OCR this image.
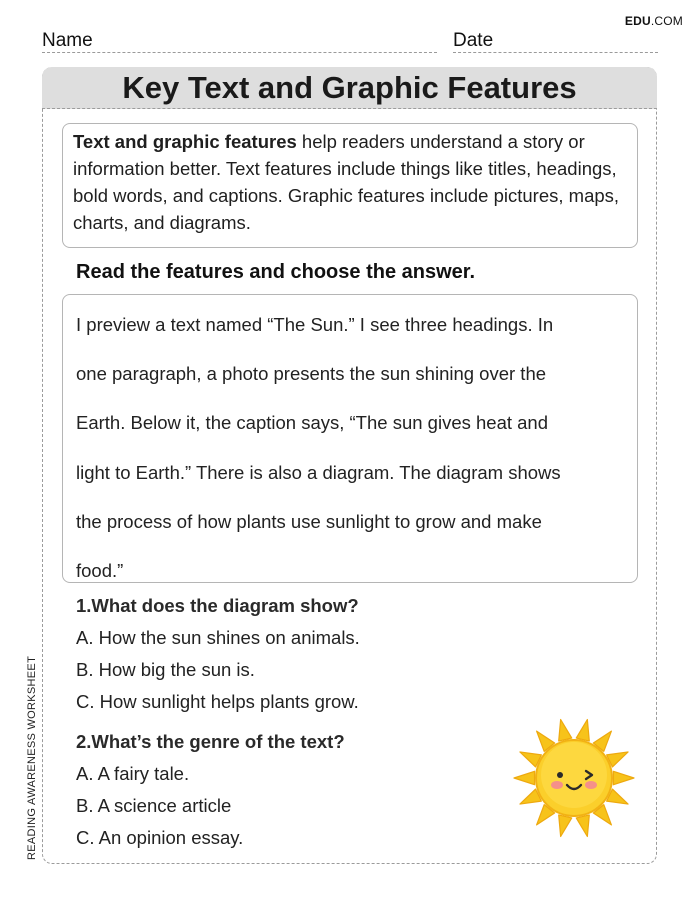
EDU.COM
Name	Date
Key Text and Graphic Features
Text and graphic features help readers understand a story or information better. Text features include things like titles, headings, bold words, and captions. Graphic features include pictures, maps, charts, and diagrams.
Read the features and choose the answer.
I preview a text named “The Sun.” I see three headings. In
one paragraph, a photo presents the sun shining over the
Earth. Below it, the caption says, “The sun gives heat and
light to Earth.” There is also a diagram. The diagram shows
the process of how plants use sunlight to grow and make
food.”
1.What does the diagram show?
A. How the sun shines on animals.
B. How big the sun is.
C. How sunlight helps plants grow.
2.What’s the genre of the text?
A. A fairy tale.
B. A science article
C. An opinion essay.
READING AWARENESS WORKSHEET
